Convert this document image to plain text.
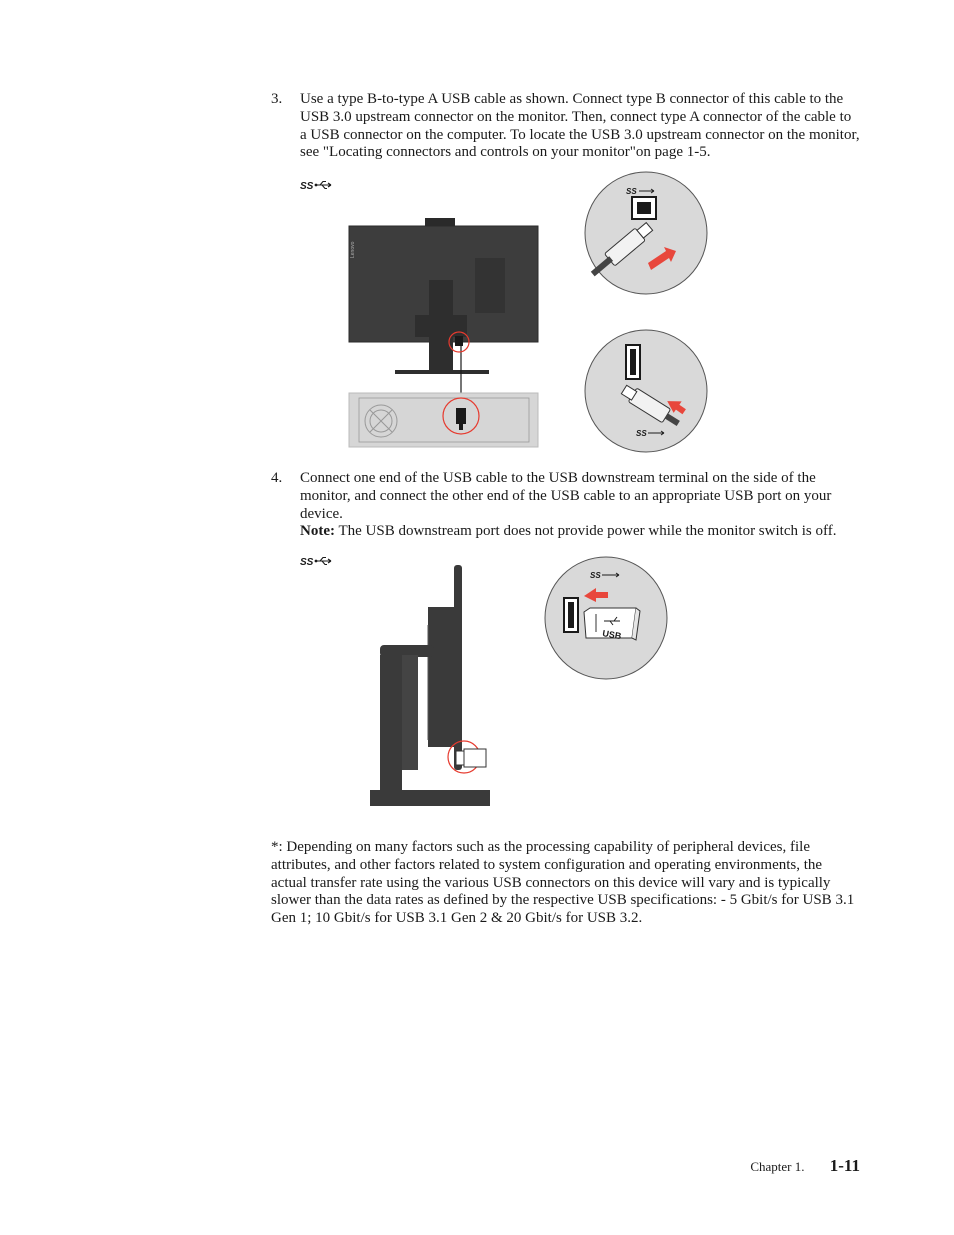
3. Use a type B-to-type A USB cable as shown. Connect type B connector of this cable to the USB 3.0 upstream connector on the monitor. Then, connect type A connector of the cable to a USB connector on the computer. To locate the USB 3.0 upstream connector on the monitor, see "Locating connectors and controls on your monitor"on page 1-5.
SS
Lenovo
SS
SS
4. Connect one end of the USB cable to the USB downstream terminal on the side of the monitor, and connect the other end of the USB cable to an appropriate USB port on your device.
Note: The USB downstream port does not provide power while the monitor switch is off.
SS
SS
USB
*: Depending on many factors such as the processing capability of peripheral devices, file attributes, and other factors related to system configuration and operating environments, the actual transfer rate using the various USB connectors on this device will vary and is typically slower than the data rates as defined by the respective USB specifications: - 5 Gbit/s for USB 3.1 Gen 1; 10 Gbit/s for USB 3.1 Gen 2 & 20 Gbit/s for USB 3.2.
Chapter 1. 1-11
